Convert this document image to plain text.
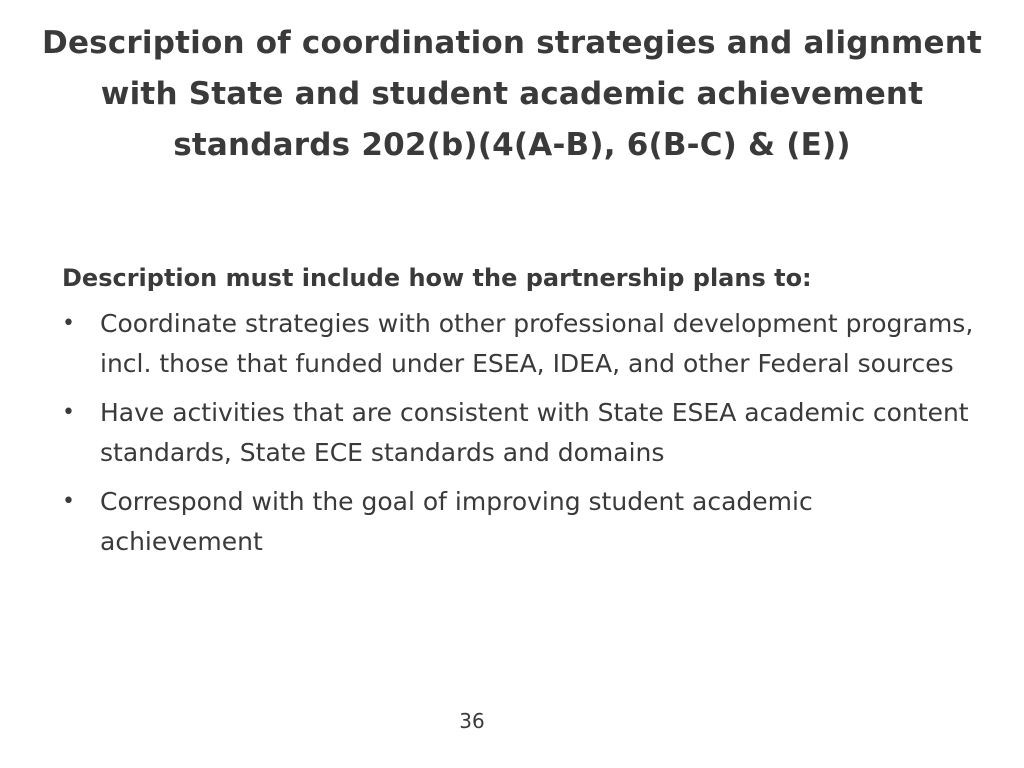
Description of coordination strategies and alignment
with State and student academic achievement
standards 202(b)(4(A-B), 6(B-C) & (E))

Description must include how the partnership plans to:

• Coordinate strategies with other professional development programs, incl. those that funded under ESEA, IDEA, and other Federal sources
• Have activities that are consistent with State ESEA academic content standards, State ECE standards and domains
• Correspond with the goal of improving student academic achievement
36
